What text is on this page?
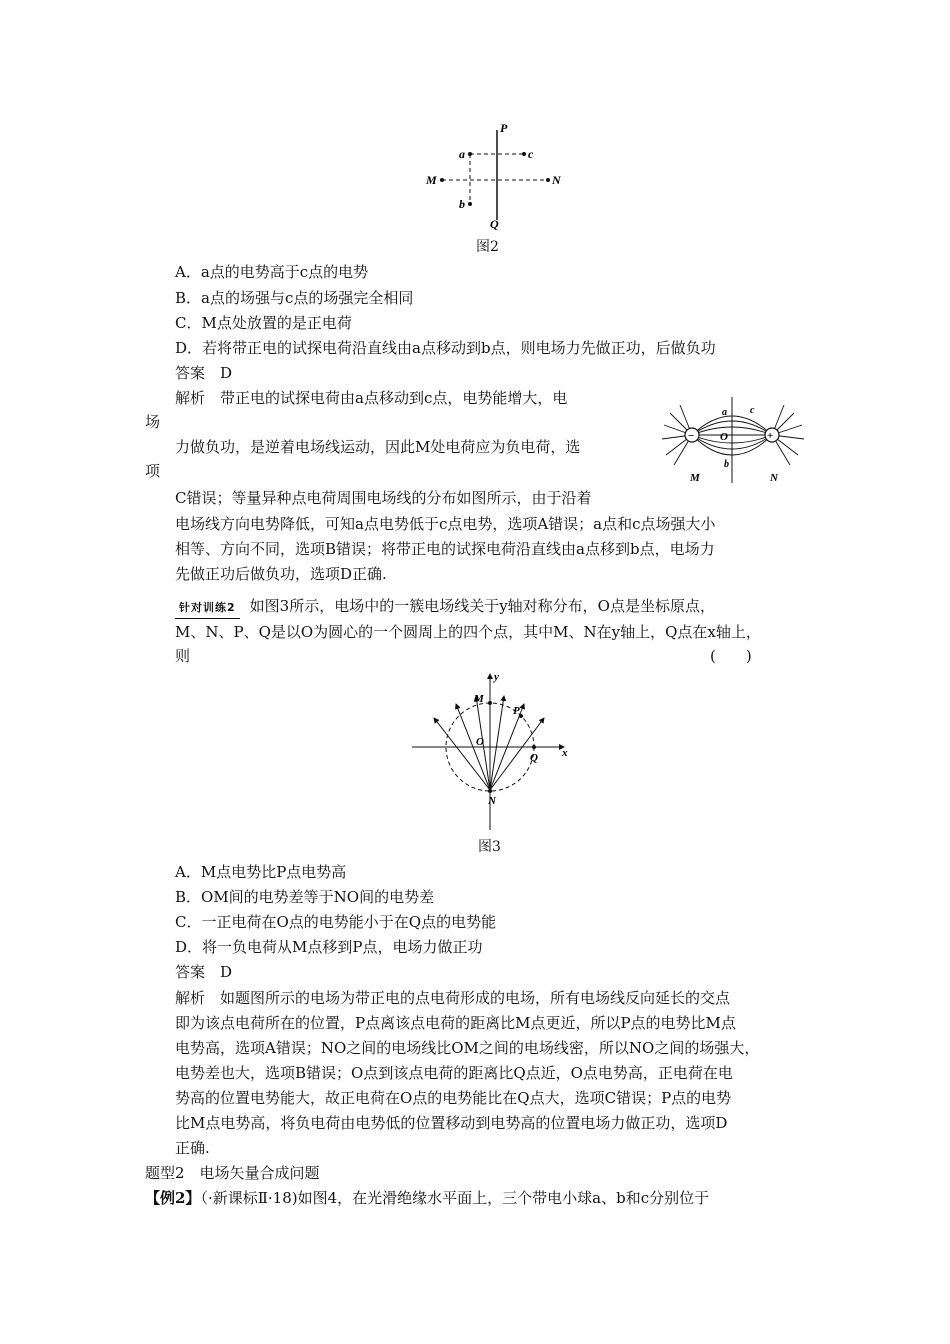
P
a	c
M	N
b
Q
图2
A．a点的电势高于c点的电势
B．a点的场强与c点的场强完全相同
C．M点处放置的是正电荷
D．若将带正电的试探电荷沿直线由a点移动到b点，则电场力先做正功，后做负功
答案　D
解析　带正电的试探电荷由a点移动到c点，电势能增大，电
场
力做负功，是逆着电场线运动，因此M处电荷应为负电荷，选
项
C错误；等量异种点电荷周围电场线的分布如图所示，由于沿着
电场线方向电势降低，可知a点电势低于c点电势，选项A错误；a点和c点场强大小
相等、方向不同，选项B错误；将带正电的试探电荷沿直线由a点移到b点，电场力
先做正功后做负功，选项D正确.
−	+
O
a c
b
M	N
针对训练2 如图3所示，电场中的一簇电场线关于y轴对称分布，O点是坐标原点，
M、N、P、Q是以O为圆心的一个圆周上的四个点，其中M、N在y轴上，Q点在x轴上，
则	(　　)
y
M
P
O
Q x
N
图3
A．M点电势比P点电势高
B．OM间的电势差等于NO间的电势差
C．一正电荷在O点的电势能小于在Q点的电势能
D．将一负电荷从M点移到P点，电场力做正功
答案　D
解析　如题图所示的电场为带正电的点电荷形成的电场，所有电场线反向延长的交点
即为该点电荷所在的位置，P点离该点电荷的距离比M点更近，所以P点的电势比M点
电势高，选项A错误；NO之间的电场线比OM之间的电场线密，所以NO之间的场强大，
电势差也大，选项B错误；O点到该点电荷的距离比Q点近，O点电势高，正电荷在电
势高的位置电势能大，故正电荷在O点的电势能比在Q点大，选项C错误；P点的电势
比M点电势高，将负电荷由电势低的位置移动到电势高的位置电场力做正功，选项D
正确.
题型2　电场矢量合成问题
【例2】（·新课标Ⅱ·18)如图4，在光滑绝缘水平面上，三个带电小球a、b和c分别位于
